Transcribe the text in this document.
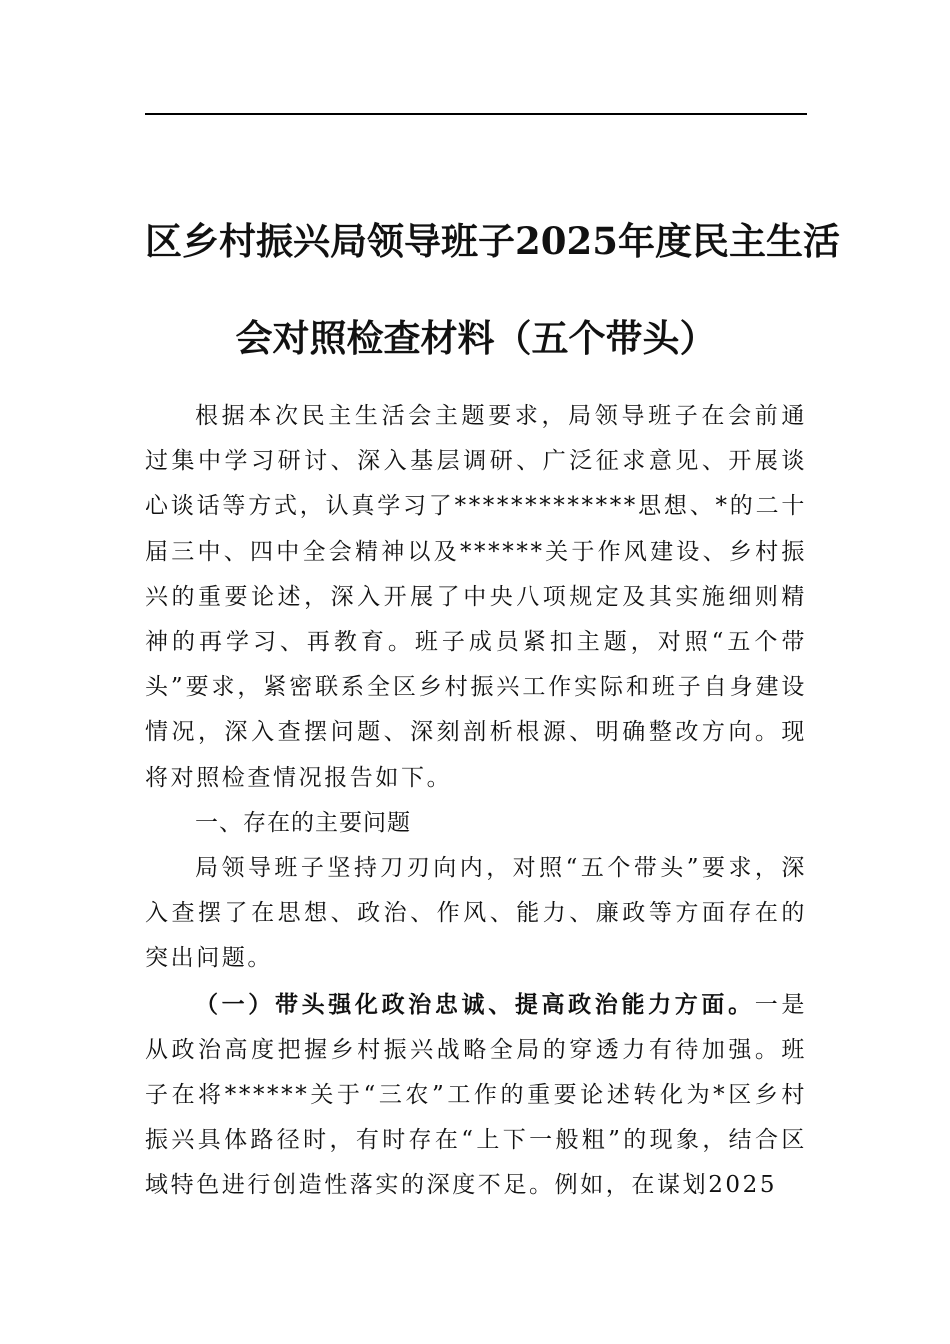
区乡村振兴局领导班子2025年度民主生活
会对照检查材料（五个带头）

根据本次民主生活会主题要求，局领导班子在会前通过集中学习研讨、深入基层调研、广泛征求意见、开展谈心谈话等方式，认真学习了*************思想、*的二十届三中、四中全会精神以及******关于作风建设、乡村振兴的重要论述，深入开展了中央八项规定及其实施细则精神的再学习、再教育。班子成员紧扣主题，对照“五个带头”要求，紧密联系全区乡村振兴工作实际和班子自身建设情况，深入查摆问题、深刻剖析根源、明确整改方向。现将对照检查情况报告如下。

一、存在的主要问题

局领导班子坚持刀刃向内，对照“五个带头”要求，深入查摆了在思想、政治、作风、能力、廉政等方面存在的突出问题。

（一）带头强化政治忠诚、提高政治能力方面。一是从政治高度把握乡村振兴战略全局的穿透力有待加强。班子在将******关于“三农”工作的重要论述转化为*区乡村振兴具体路径时，有时存在“上下一般粗”的现象，结合区域特色进行创造性落实的深度不足。例如，在谋划2025
